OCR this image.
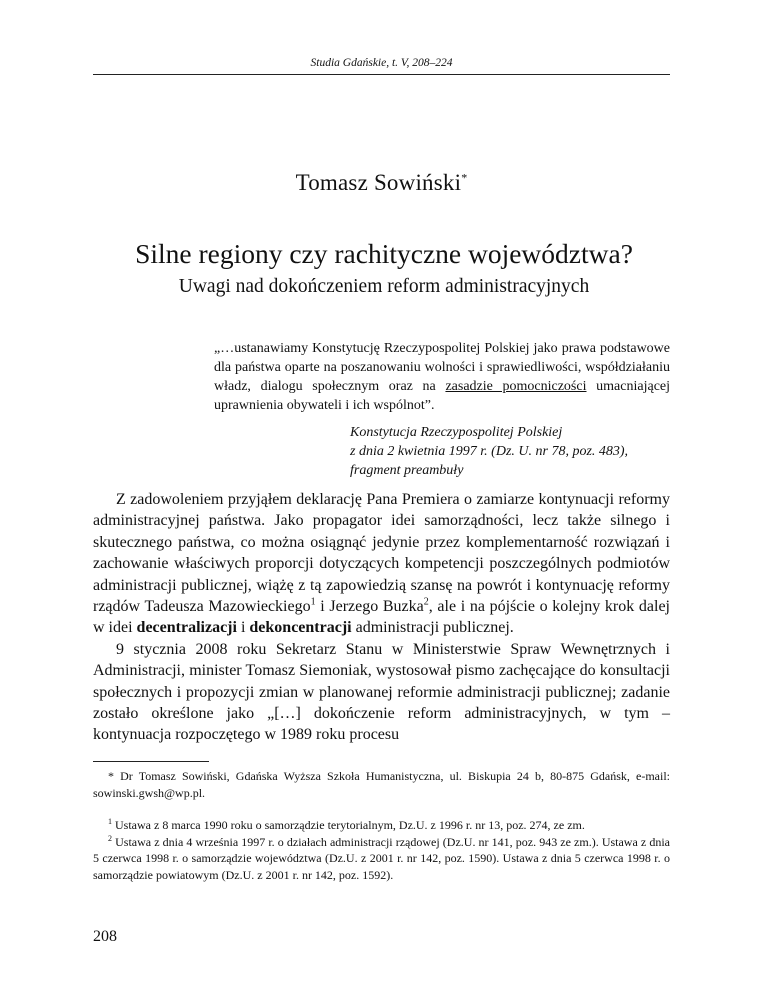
Studia Gdańskie, t. V, 208–224
Tomasz Sowiński*
Silne regiony czy rachityczne województwa?
Uwagi nad dokończeniem reform administracyjnych
„…ustanawiamy Konstytucję Rzeczypospolitej Polskiej jako prawa podstawowe dla państwa oparte na poszanowaniu wolności i sprawiedliwości, współdziałaniu władz, dialogu społecznym oraz na zasadzie pomocniczości umacniającej uprawnienia obywateli i ich wspólnot”.
Konstytucja Rzeczypospolitej Polskiej
z dnia 2 kwietnia 1997 r. (Dz. U. nr 78, poz. 483),
fragment preambuły

Z zadowoleniem przyjąłem deklarację Pana Premiera o zamiarze kontynuacji reformy administracyjnej państwa. Jako propagator idei samorządności, lecz także silnego i skutecznego państwa, co można osiągnąć jedynie przez komplementarność rozwiązań i zachowanie właściwych proporcji dotyczących kompetencji poszczególnych podmiotów administracji publicznej, wiążę z tą zapowiedzią szansę na powrót i kontynuację reformy rządów Tadeusza Mazowieckiego$^1$ i Jerzego Buzka$^2$, ale i na pójście o kolejny krok dalej w idei decentralizacji i dekoncentracji administracji publicznej.

9 stycznia 2008 roku Sekretarz Stanu w Ministerstwie Spraw Wewnętrznych i Administracji, minister Tomasz Siemoniak, wystosował pismo zachęcające do konsultacji społecznych i propozycji zmian w planowanej reformie administracji publicznej; zadanie zostało określone jako „[…] dokończenie reform administracyjnych, w tym – kontynuacja rozpoczętego w 1989 roku procesu

* Dr Tomasz Sowiński, Gdańska Wyższa Szkoła Humanistyczna, ul. Biskupia 24 b, 80-875 Gdańsk, e-mail: sowinski.gwsh@wp.pl.

$^1$ Ustawa z 8 marca 1990 roku o samorządzie terytorialnym, Dz.U. z 1996 r. nr 13, poz. 274, ze zm.

$^2$ Ustawa z dnia 4 września 1997 r. o działach administracji rządowej (Dz.U. nr 141, poz. 943 ze zm.). Ustawa z dnia 5 czerwca 1998 r. o samorządzie województwa (Dz.U. z 2001 r. nr 142, poz. 1590). Ustawa z dnia 5 czerwca 1998 r. o samorządzie powiatowym (Dz.U. z 2001 r. nr 142, poz. 1592).

208
